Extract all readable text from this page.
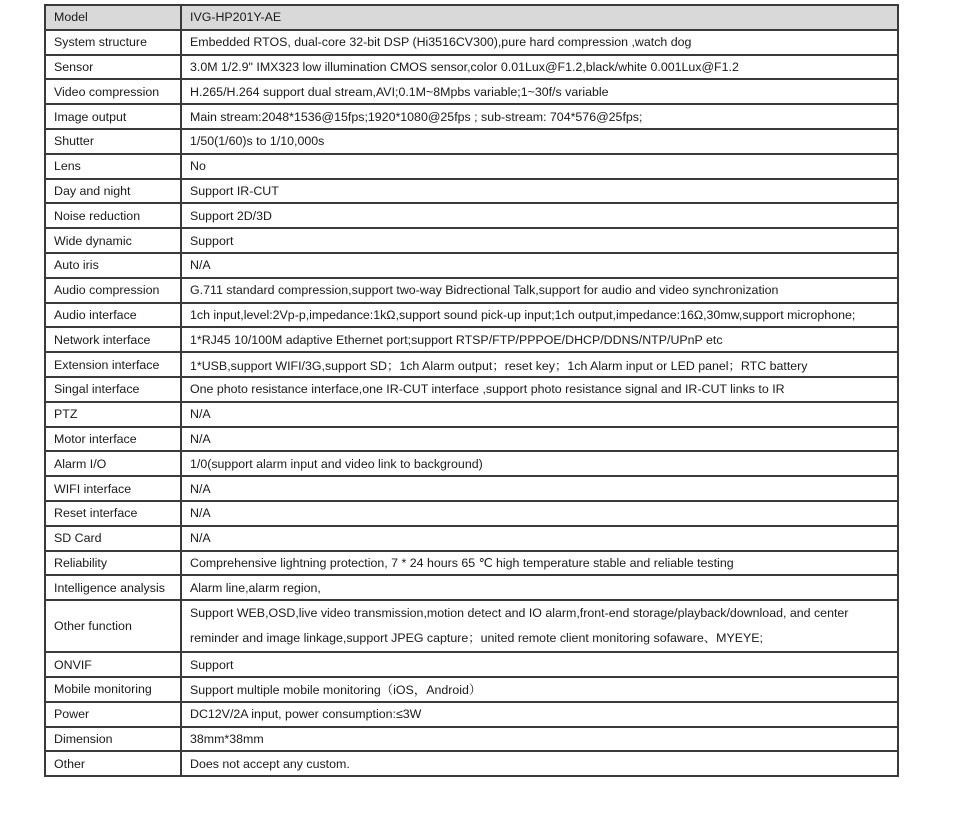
Model	IVG-HP201Y-AE
System structure	Embedded RTOS, dual-core 32-bit DSP (Hi3516CV300),pure hard compression ,watch dog
Sensor	3.0M 1/2.9" IMX323 low illumination CMOS sensor,color 0.01Lux@F1.2,black/white 0.001Lux@F1.2
Video compression	H.265/H.264 support dual stream,AVI;0.1M~8Mpbs variable;1~30f/s variable
Image output	Main stream:2048*1536@15fps;1920*1080@25fps ; sub-stream: 704*576@25fps;
Shutter	1/50(1/60)s to 1/10,000s
Lens	No
Day and night	Support IR-CUT
Noise reduction	Support 2D/3D
Wide dynamic	Support
Auto iris	N/A
Audio compression	G.711 standard compression,support two-way Bidrectional Talk,support for audio and video synchronization
Audio interface	1ch input,level:2Vp-p,impedance:1kΩ,support sound pick-up input;1ch output,impedance:16Ω,30mw,support microphone;
Network interface	1*RJ45 10/100M adaptive Ethernet port;support RTSP/FTP/PPPOE/DHCP/DDNS/NTP/UPnP etc
Extension interface	1*USB,support WIFI/3G,support SD；1ch Alarm output；reset key；1ch Alarm input or LED panel；RTC battery
Singal interface	One photo resistance interface,one IR-CUT interface ,support photo resistance signal and IR-CUT links to IR
PTZ	N/A
Motor interface	N/A
Alarm I/O	1/0(support alarm input and video link to background)
WIFI interface	N/A
Reset interface	N/A
SD Card	N/A
Reliability	Comprehensive lightning protection, 7 * 24 hours 65 ℃ high temperature stable and reliable testing
Intelligence analysis	Alarm line,alarm region,
Other function	Support WEB,OSD,live video transmission,motion detect and IO alarm,front-end storage/playback/download, and center reminder and image linkage,support JPEG capture；united remote client monitoring sofaware、MYEYE;
ONVIF	Support
Mobile monitoring	Support multiple mobile monitoring（iOS，Android）
Power	DC12V/2A input, power consumption:≤3W
Dimension	38mm*38mm
Other	Does not accept any custom.
